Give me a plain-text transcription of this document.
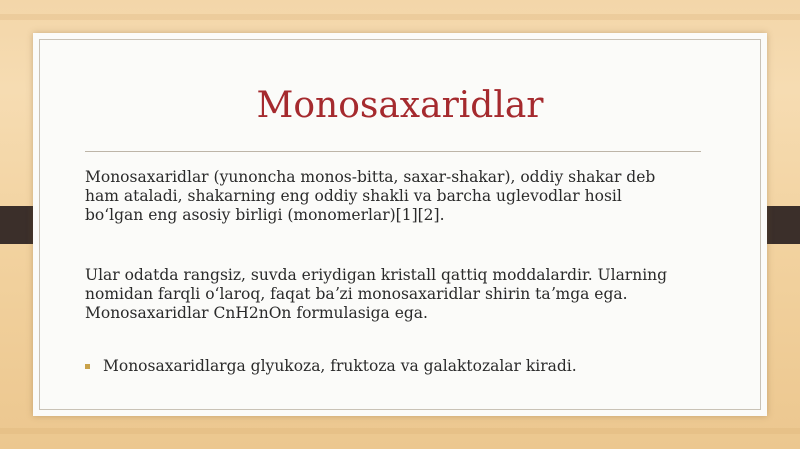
Monosaxaridlar

Monosaxaridlar (yunoncha monos-bitta, saxar-shakar), oddiy shakar deb ham ataladi, shakarning eng oddiy shakli va barcha uglevodlar hosil boʻlgan eng asosiy birligi (monomerlar)[1][2].

Ular odatda rangsiz, suvda eriydigan kristall qattiq moddalardir. Ularning nomidan farqli oʻlaroq, faqat baʼzi monosaxaridlar shirin taʼmga ega. Monosaxaridlar CnH2nOn formulasiga ega.

Monosaxaridlarga glyukoza, fruktoza va galaktozalar kiradi.
